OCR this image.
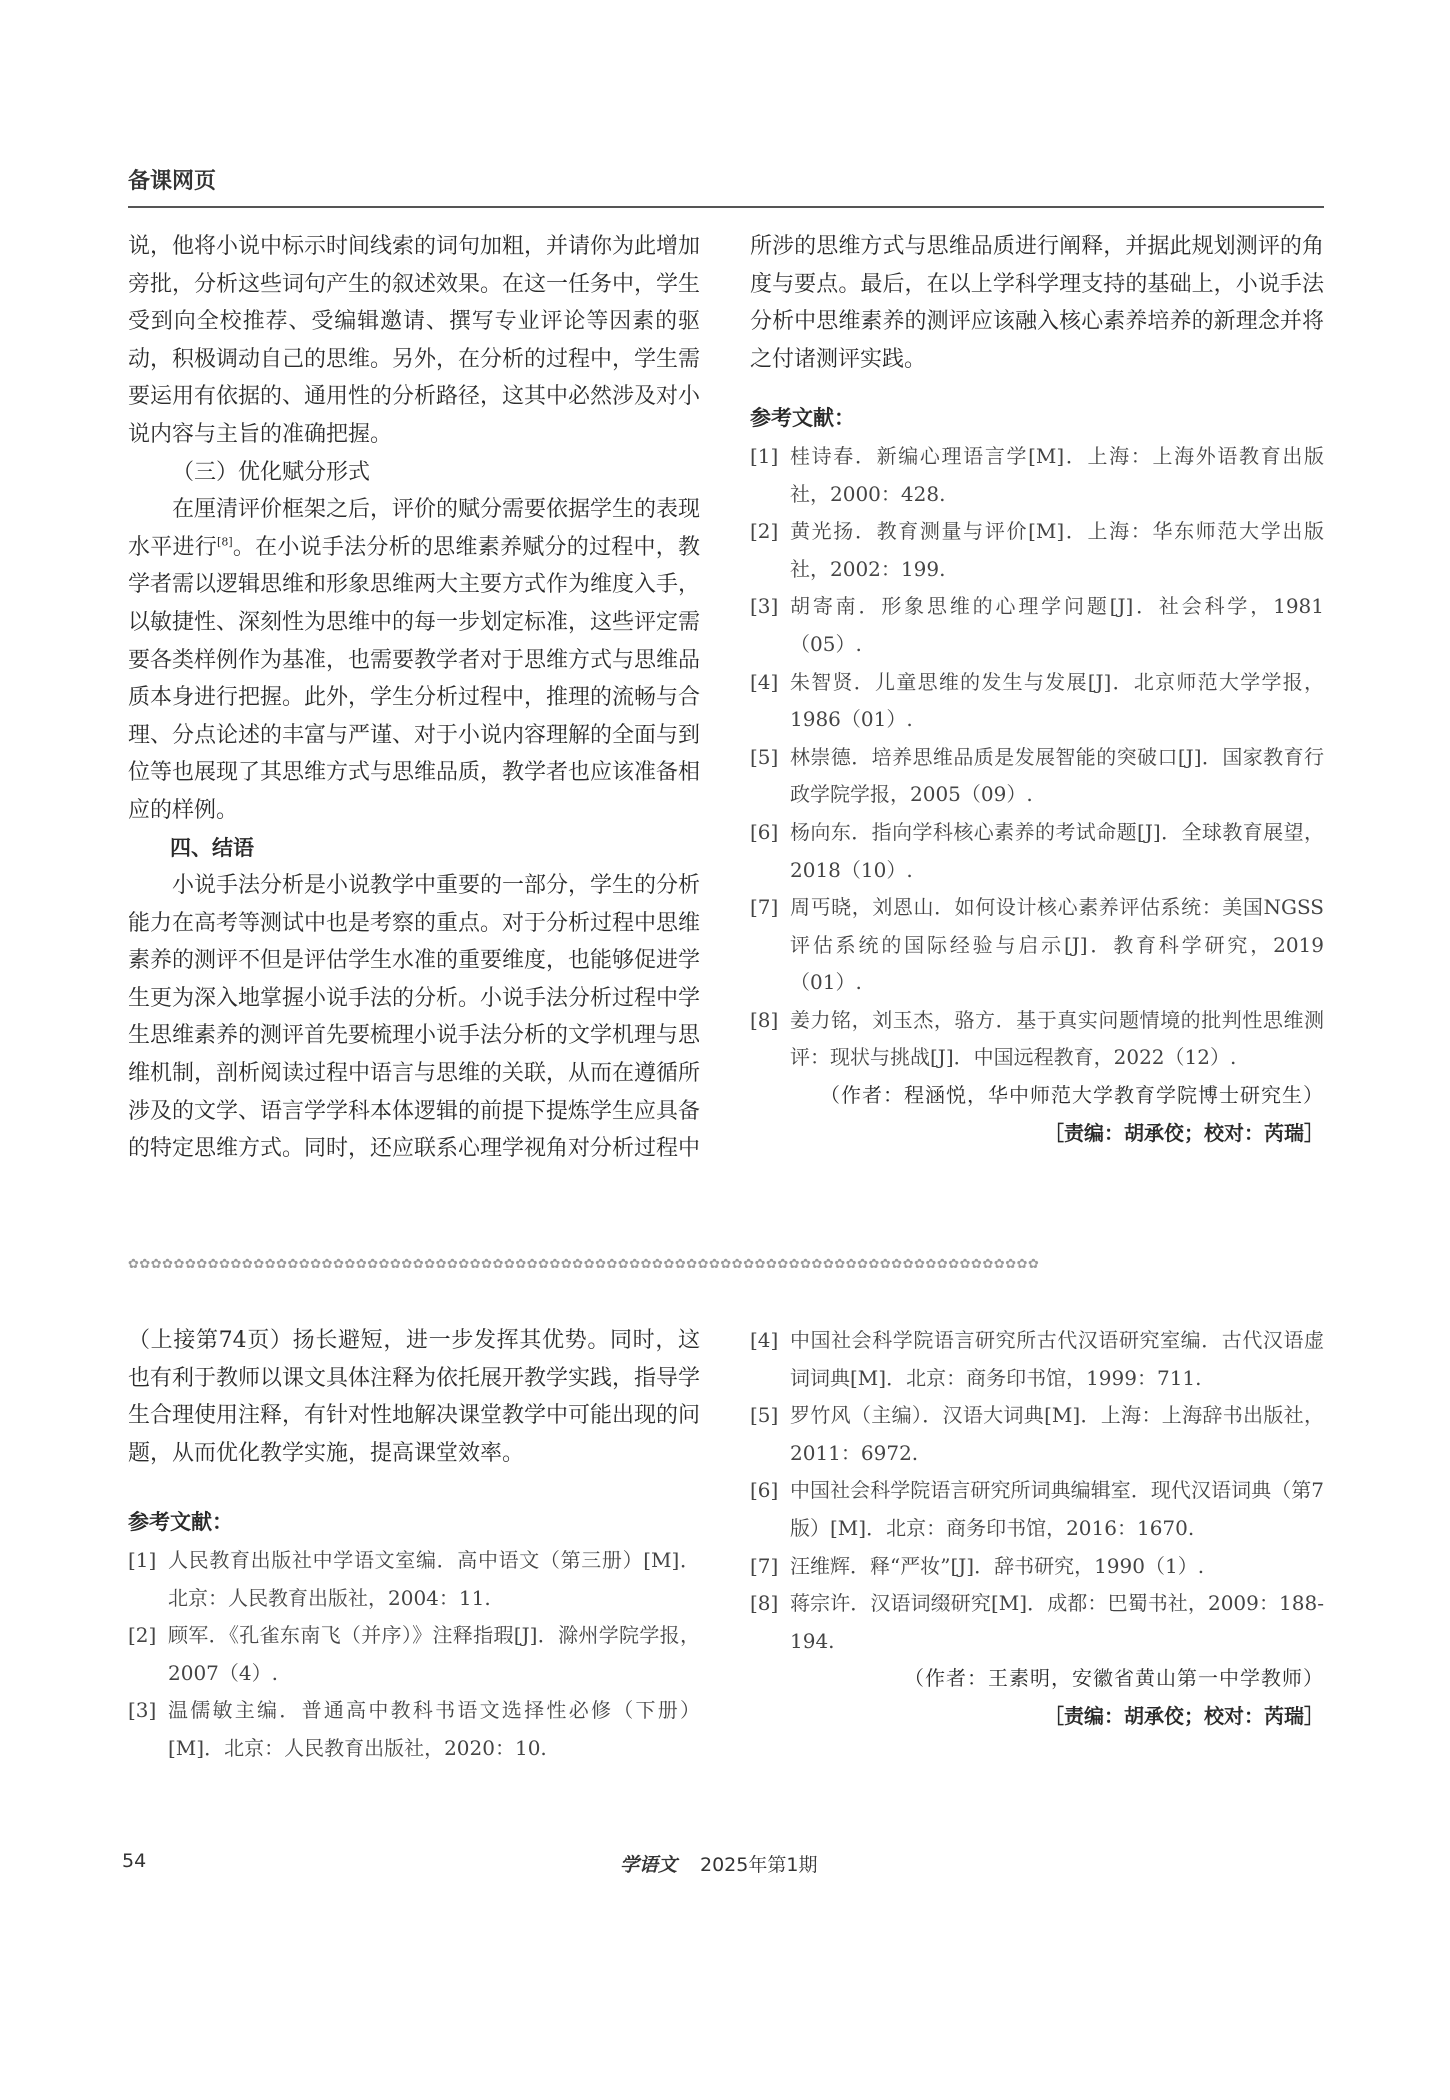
备课网页

说，他将小说中标示时间线索的词句加粗，并请你为此增加旁批，分析这些词句产生的叙述效果。在这一任务中，学生受到向全校推荐、受编辑邀请、撰写专业评论等因素的驱动，积极调动自己的思维。另外，在分析的过程中，学生需要运用有依据的、通用性的分析路径，这其中必然涉及对小说内容与主旨的准确把握。

（三）优化赋分形式

在厘清评价框架之后，评价的赋分需要依据学生的表现水平进行[8]。在小说手法分析的思维素养赋分的过程中，教学者需以逻辑思维和形象思维两大主要方式作为维度入手，以敏捷性、深刻性为思维中的每一步划定标准，这些评定需要各类样例作为基准，也需要教学者对于思维方式与思维品质本身进行把握。此外，学生分析过程中，推理的流畅与合理、分点论述的丰富与严谨、对于小说内容理解的全面与到位等也展现了其思维方式与思维品质，教学者也应该准备相应的样例。

四、结语

小说手法分析是小说教学中重要的一部分，学生的分析能力在高考等测试中也是考察的重点。对于分析过程中思维素养的测评不但是评估学生水准的重要维度，也能够促进学生更为深入地掌握小说手法的分析。小说手法分析过程中学生思维素养的测评首先要梳理小说手法分析的文学机理与思维机制，剖析阅读过程中语言与思维的关联，从而在遵循所涉及的文学、语言学学科本体逻辑的前提下提炼学生应具备的特定思维方式。同时，还应联系心理学视角对分析过程中

所涉的思维方式与思维品质进行阐释，并据此规划测评的角度与要点。最后，在以上学科学理支持的基础上，小说手法分析中思维素养的测评应该融入核心素养培养的新理念并将之付诸测评实践。

参考文献：

[1] 桂诗春．新编心理语言学[M]．上海：上海外语教育出版社，2000：428.
[2] 黄光扬．教育测量与评价[M]．上海：华东师范大学出版社，2002：199.
[3] 胡寄南．形象思维的心理学问题[J]．社会科学，1981（05）.
[4] 朱智贤．儿童思维的发生与发展[J]．北京师范大学学报，1986（01）.
[5] 林崇德．培养思维品质是发展智能的突破口[J]．国家教育行政学院学报，2005（09）.
[6] 杨向东．指向学科核心素养的考试命题[J]．全球教育展望，2018（10）.
[7] 周丐晓，刘恩山．如何设计核心素养评估系统：美国NGSS评估系统的国际经验与启示[J]．教育科学研究，2019（01）.
[8] 姜力铭，刘玉杰，骆方．基于真实问题情境的批判性思维测评：现状与挑战[J]．中国远程教育，2022（12）.
（作者：程涵悦，华中师范大学教育学院博士研究生）
［责编：胡承佼；校对：芮瑞］
✿✿✿✿✿✿✿✿✿✿✿✿✿✿✿✿✿✿✿✿✿✿✿✿✿✿✿✿✿✿✿✿✿✿✿✿✿✿✿✿✿✿✿✿✿✿✿✿✿✿✿✿✿✿✿✿✿✿✿✿✿✿✿✿✿✿✿✿✿✿✿✿✿✿✿✿✿✿✿✿

（上接第74页）扬长避短，进一步发挥其优势。同时，这也有利于教师以课文具体注释为依托展开教学实践，指导学生合理使用注释，有针对性地解决课堂教学中可能出现的问题，从而优化教学实施，提高课堂效率。

参考文献：

[1] 人民教育出版社中学语文室编．高中语文（第三册）[M]．北京：人民教育出版社，2004：11.
[2] 顾军．《孔雀东南飞（并序）》注释指瑕[J]．滁州学院学报，2007（4）.
[3] 温儒敏主编．普通高中教科书语文选择性必修（下册）[M]．北京：人民教育出版社，2020：10.
[4] 中国社会科学院语言研究所古代汉语研究室编．古代汉语虚词词典[M]．北京：商务印书馆，1999：711.
[5] 罗竹风（主编）．汉语大词典[M]．上海：上海辞书出版社，2011：6972.
[6] 中国社会科学院语言研究所词典编辑室．现代汉语词典（第7版）[M]．北京：商务印书馆，2016：1670.
[7] 汪维辉．释“严妆”[J]．辞书研究，1990（1）.
[8] 蒋宗许．汉语词缀研究[M]．成都：巴蜀书社，2009：188-194.
（作者：王素明，安徽省黄山第一中学教师）
［责编：胡承佼；校对：芮瑞］
54	学语文 2025年第1期
